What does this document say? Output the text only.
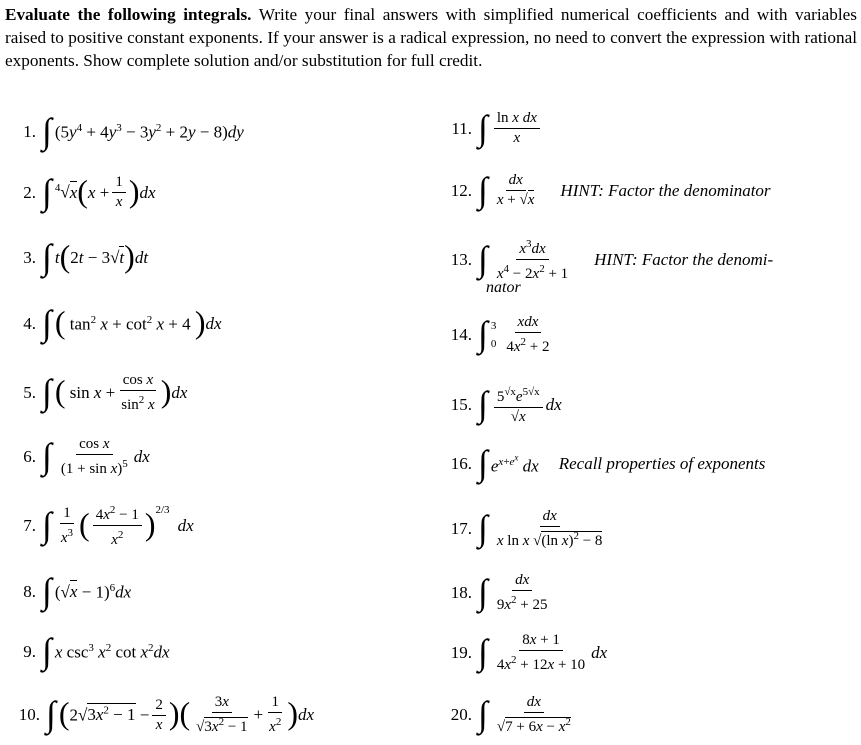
Evaluate the following integrals. Write your final answers with simplified numerical coefficients and with variables raised to positive constant exponents. If your answer is a radical expression, no need to convert the expression with rational exponents. Show complete solution and/or substitution for full credit.
1. ∫ $(5y^4 + 4y^3 - 3y^2 + 2y - 8)dy$
2. ∫ $^4$√x ( $x + \frac{1}{x}$ ) dx
3. ∫ t ( 2t − 3√t ) dt
4. ∫ ( $\tan^2 x + \cot^2 x + 4$ ) dx
5. ∫ ( $\sin x + \frac{\text{cos x}}{\sin^2 x}$ ) dx
6. ∫ $\frac{\text{cos x}}{(1 + \sin x)^5}$ dx
7. ∫ $\frac{1}{x^3}$ ( $\frac{4x^2 - 1}{x^2} )^{2/3}$
dx
8. ∫ $(√x - 1)^6dx$
9. ∫ x $\csc^3 x^2$ $\cot x^2dx$
10. ∫ ( $2√3x^2 - 1 - \frac{2}{x}$ ) ( $\frac{3x}{√3x^2 - 1} + \frac{1}{x^2}$ ) dx
11. ∫ $\frac{\text{ln x dx}}{x}$
12. ∫ $\frac{dx}{x + √x}$ HINT: Factor the denominator
13. ∫ $\frac{x^3dx}{x^4 - 2x^2 + 1}$ HINT: Factor the denomi-
nator
14. ∫ 3
$0 \frac{\text{xdx}}{4x^2 + 2}$
15. ∫ $\frac{5^{√x}e^{5√x}}{√x}$ dx
16. ∫ $e^{x+e^x}$ dx Recall properties of exponents
17. ∫ $\frac{dx}{x \ln x √(\ln x)^2 - 8}$
18. ∫ $\frac{dx}{9x^2 + 25}$
19. ∫ $\frac{8x + 1}{4x^2 + 12x + 10}$ dx
20. ∫ $\frac{dx}{√7 + 6x - x^2}$
